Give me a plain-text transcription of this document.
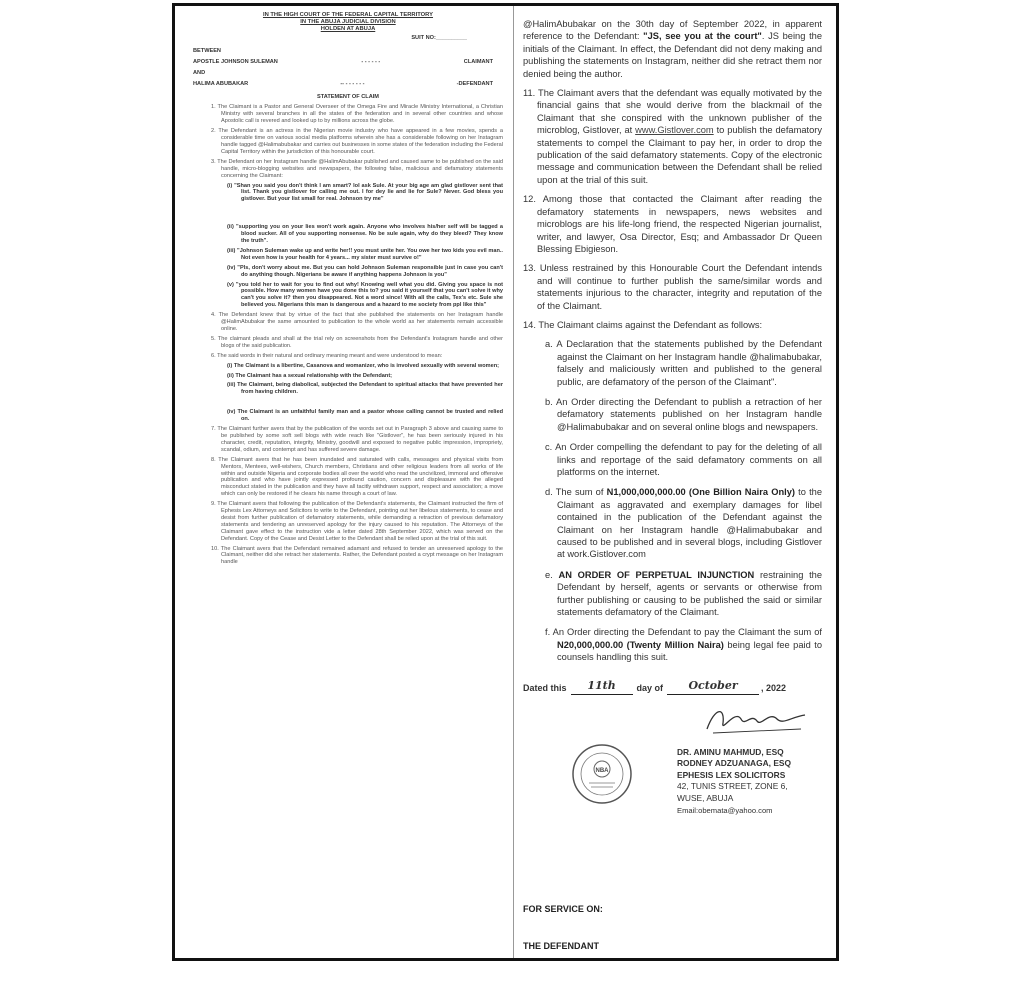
IN THE HIGH COURT OF THE FEDERAL CAPITAL TERRITORY
IN THE ABUJA JUDICIAL DIVISION
HOLDEN AT ABUJA
SUIT NO:__________
BETWEEN
APOSTLE JOHNSON SULEMAN	- - - - - -	CLAIMANT
AND
HALIMA ABUBAKAR	-- - - - - - -	-DEFENDANT
STATEMENT OF CLAIM

1. The Claimant is a Pastor and General Overseer of the Omega Fire and Miracle Ministry International, a Christian Ministry with several branches in all the states of the federation and in several other countries and whose Apostolic call is revered and looked up to by millions across the globe.

2. The Defendant is an actress in the Nigerian movie industry who have appeared in a few movies, spends a considerable time on various social media platforms wherein she has a considerable following on her Instagram handle tagged @Halimabubakar and carries out businesses in some states of the federation including the Federal Capital Territory within the jurisdiction of this honourable court.

3. The Defendant on her Instagram handle @HalimAbubakar published and caused same to be published on the said handle, micro-blogging websites and newspapers, the following false, malicious and defamatory statements concerning the Claimant:

(i) "Shan you said you don't think I am smart? lol ask Sule. At your big age am glad gistlover sent that list. Thank you gistlover for calling me out. I for dey lie and lie for Sule? Never. God bless you gistlover. But your list small for real. Johnson try me"

(ii) "supporting you on your lies won't work again. Anyone who involves his/her self will be tagged a blood sucker. All of you supporting nonsense. No be sule again, why do they bleed? They know the truth".

(iii) "Johnson Suleman wake up and write her!! you must unite her. You owe her two kids you evil man.. Not even how is your health for 4 years... my sister must survive o!"

(iv) "Pls, don't worry about me. But you can hold Johnson Suleman responsible just in case you can't do anything though. Nigerians be aware if anything happens Johnson is you"

(v) "you told her to wait for you to find out why! Knowing well what you did. Giving you space is not possible. How many women have you done this to? you said it yourself that you can't solve it why can't you solve it? then you disappeared. Not a word since! With all the calls, Tex's etc. Sule she believed you. Nigerians this man is dangerous and a hazard to me society from ppl like this"

4. The Defendant knew that by virtue of the fact that she published the statements on her Instagram handle @HalimAbubakar the same amounted to publication to the whole world as her statements remain accessible online.

5. The claimant pleads and shall at the trial rely on screenshots from the Defendant's Instagram handle and other blogs of the said publication.

6. The said words in their natural and ordinary meaning meant and were understood to mean:

(i) The Claimant is a libertine, Casanova and womanizer, who is involved sexually with several women;

(ii) The Claimant has a sexual relationship with the Defendant;

(iii) The Claimant, being diabolical, subjected the Defendant to spiritual attacks that have prevented her from having children.

(iv) The Claimant is an unfaithful family man and a pastor whose calling cannot be trusted and relied on.

7. The Claimant further avers that by the publication of the words set out in Paragraph 3 above and causing same to be published by some soft sell blogs with wide reach like "Gistlover", he has been seriously injured in his character, credit, reputation, integrity, Ministry, goodwill and exposed to negative public impression, impropriety, scandal, odium, and contempt and has suffered severe damage.

8. The Claimant avers that he has been inundated and saturated with calls, messages and physical visits from Mentors, Mentees, well-wishers, Church members, Christians and other religious leaders from all works of life within and outside Nigeria and corporate bodies all over the world who read the uncivilized, immoral and offensive publication and who have jointly expressed profound caution, concern and displeasure with the alleged misconduct stated in the publication and they have all tacitly withdrawn support, respect and association; a move which can only be restored if he clears his name through a court of law.

9. The Claimant avers that following the publication of the Defendant's statements, the Claimant instructed the firm of Ephesis Lex Attorneys and Solicitors to write to the Defendant, pointing out her libelous statements, to cease and desist from further publication of defamatory statements, while demanding a retraction of previous defamatory statements and tendering an unreserved apology for the injury caused to his reputation. The Attorneys of the Claimant gave effect to the instruction vide a letter dated 28th September 2022, which was served on the Defendant. Copy of the Cease and Desist Letter to the Defendant shall be relied upon at the trial of this suit.

10. The Claimant avers that the Defendant remained adamant and refused to tender an unreserved apology to the Claimant, neither did she retract her statements. Rather, the Defendant posted a crypt message on her Instagram handle

@HalimAbubakar on the 30th day of September 2022, in apparent reference to the Defendant: "JS, see you at the court". JS being the initials of the Claimant. In effect, the Defendant did not deny making and publishing the statements on Instagram, neither did she retract them nor denied being the author.

11. The Claimant avers that the defendant was equally motivated by the financial gains that she would derive from the blackmail of the Claimant that she conspired with the unknown publisher of the microblog, Gistlover, at www.Gistlover.com to publish the defamatory statements to compel the Claimant to pay her, in order to drop the publication of the said defamatory statements. Copy of the electronic message and communication between the Defendant shall be relied upon at the trial of this suit.

12. Among those that contacted the Claimant after reading the defamatory statements in newspapers, news websites and microblogs are his life-long friend, the respected Nigerian journalist, writer, and lawyer, Osa Director, Esq; and Ambassador Dr Queen Blessing Ebigieson.

13. Unless restrained by this Honourable Court the Defendant intends and will continue to further publish the same/similar words and statements injurious to the character, integrity and reputation of the of the Claimant.

14. The Claimant claims against the Defendant as follows:

a. A Declaration that the statements published by the Defendant against the Claimant on her Instagram handle @halimabubakar, falsely and maliciously written and published to the general public, are defamatory of the person of the Claimant".

b. An Order directing the Defendant to publish a retraction of her defamatory statements published on her Instagram handle @Halimabubakar and on several online blogs and newspapers.

c. An Order compelling the defendant to pay for the deleting of all links and reportage of the said defamatory comments on all platforms on the internet.

d. The sum of N1,000,000,000.00 (One Billion Naira Only) to the Claimant as aggravated and exemplary damages for libel contained in the publication of the Defendant against the Claimant on her Instagram handle @Halimabubakar and caused to be published and in several blogs, including Gistlover at work.Gistlover.com

e. AN ORDER OF PERPETUAL INJUNCTION restraining the Defendant by herself, agents or servants or otherwise from further publishing or causing to be published the said or similar statements defamatory of the Claimant.

f. An Order directing the Defendant to pay the Claimant the sum of N20,000,000.00 (Twenty Million Naira) being legal fee paid to counsels handling this suit.

Dated this	11th	day of	October	, 2022
NBA
DR. AMINU MAHMUD, ESQ
RODNEY ADZUANAGA, ESQ
EPHESIS LEX SOLICITORS
42, TUNIS STREET, ZONE 6,
WUSE, ABUJA
Email:obemata@yahoo.com
FOR SERVICE ON:
THE DEFENDANT
